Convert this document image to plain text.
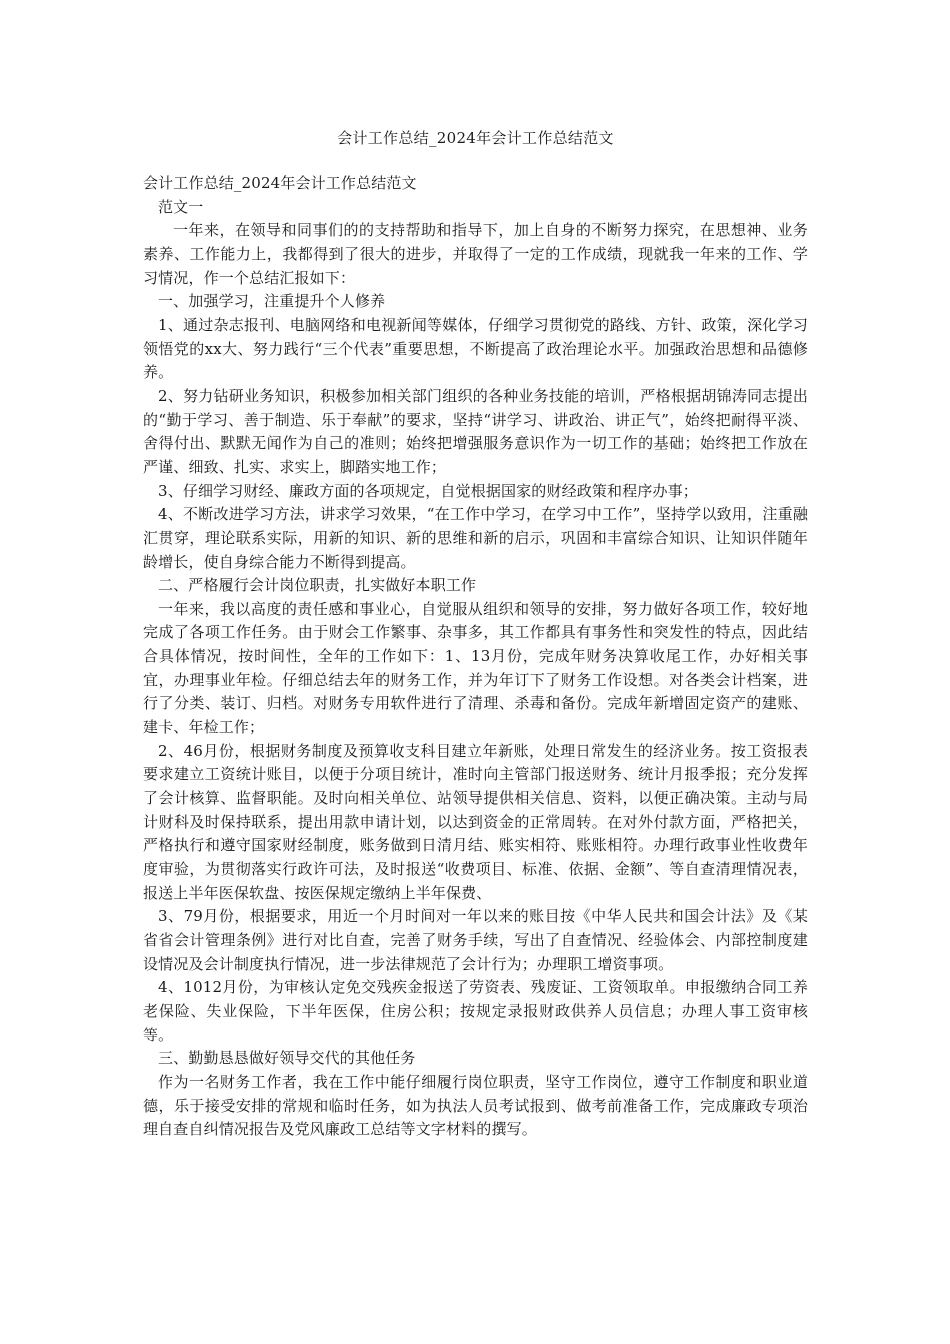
会计工作总结_2024年会计工作总结范文

会计工作总结_2024年会计工作总结范文

范文一

一年来，在领导和同事们的的支持帮助和指导下，加上自身的不断努力探究，在思想神、业务素养、工作能力上，我都得到了很大的进步，并取得了一定的工作成绩，现就我一年来的工作、学习情况，作一个总结汇报如下：

一、加强学习，注重提升个人修养

1、通过杂志报刊、电脑网络和电视新闻等媒体，仔细学习贯彻党的路线、方针、政策，深化学习领悟党的xx大、努力践行“三个代表”重要思想，不断提高了政治理论水平。加强政治思想和品德修养。

2、努力钻研业务知识，积极参加相关部门组织的各种业务技能的培训，严格根据胡锦涛同志提出的“勤于学习、善于制造、乐于奉献”的要求，坚持“讲学习、讲政治、讲正气”，始终把耐得平淡、舍得付出、默默无闻作为自己的准则；始终把增强服务意识作为一切工作的基础；始终把工作放在严谨、细致、扎实、求实上，脚踏实地工作；

3、仔细学习财经、廉政方面的各项规定，自觉根据国家的财经政策和程序办事；

4、不断改进学习方法，讲求学习效果，“在工作中学习，在学习中工作”，坚持学以致用，注重融汇贯穿，理论联系实际，用新的知识、新的思维和新的启示，巩固和丰富综合知识、让知识伴随年龄增长，使自身综合能力不断得到提高。

二、严格履行会计岗位职责，扎实做好本职工作

一年来，我以高度的责任感和事业心，自觉服从组织和领导的安排，努力做好各项工作，较好地完成了各项工作任务。由于财会工作繁事、杂事多，其工作都具有事务性和突发性的特点，因此结合具体情况，按时间性，全年的工作如下：1、13月份，完成年财务决算收尾工作，办好相关事宜，办理事业年检。仔细总结去年的财务工作，并为年订下了财务工作设想。对各类会计档案，进行了分类、装订、归档。对财务专用软件进行了清理、杀毒和备份。完成年新增固定资产的建账、建卡、年检工作；

2、46月份，根据财务制度及预算收支科目建立年新账，处理日常发生的经济业务。按工资报表要求建立工资统计账目，以便于分项目统计，准时向主管部门报送财务、统计月报季报；充分发挥了会计核算、监督职能。及时向相关单位、站领导提供相关信息、资料，以便正确决策。主动与局计财科及时保持联系，提出用款申请计划，以达到资金的正常周转。在对外付款方面，严格把关，严格执行和遵守国家财经制度，账务做到日清月结、账实相符、账账相符。办理行政事业性收费年度审验，为贯彻落实行政许可法，及时报送“收费项目、标准、依据、金额”、等自查清理情况表，报送上半年医保软盘、按医保规定缴纳上半年保费、

3、79月份，根据要求，用近一个月时间对一年以来的账目按《中华人民共和国会计法》及《某省省会计管理条例》进行对比自查，完善了财务手续，写出了自查情况、经验体会、内部控制度建设情况及会计制度执行情况，进一步法律规范了会计行为；办理职工增资事项。

4、1012月份，为审核认定免交残疾金报送了劳资表、残废证、工资领取单。申报缴纳合同工养老保险、失业保险，下半年医保，住房公积；按规定录报财政供养人员信息；办理人事工资审核等。

三、勤勤恳恳做好领导交代的其他任务

作为一名财务工作者，我在工作中能仔细履行岗位职责，坚守工作岗位，遵守工作制度和职业道德，乐于接受安排的常规和临时任务，如为执法人员考试报到、做考前准备工作，完成廉政专项治理自查自纠情况报告及党风廉政工总结等文字材料的撰写。
